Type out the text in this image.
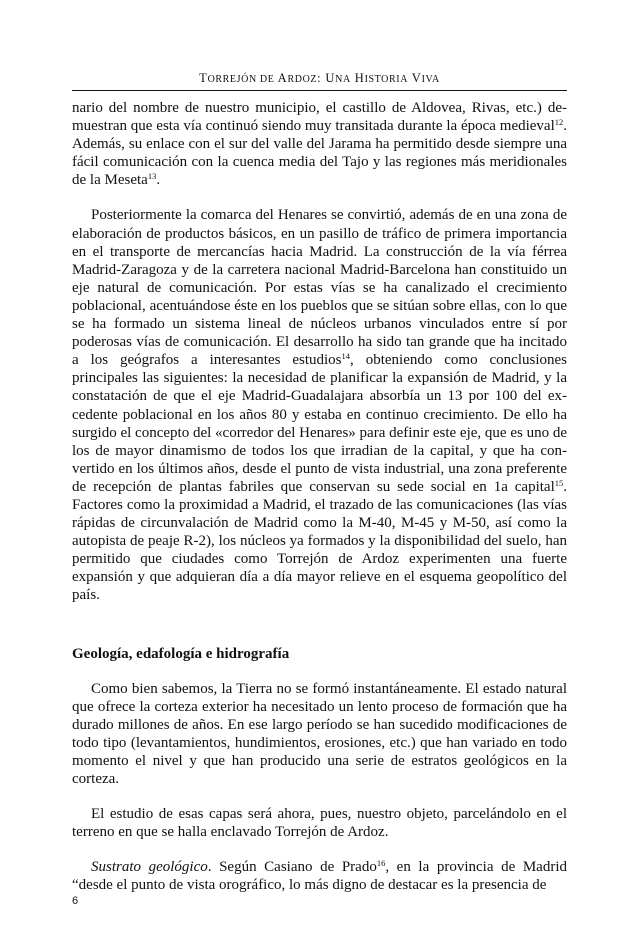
TORREJÓN DE ARDOZ: UNA HISTORIA VIVA

nario del nombre de nuestro municipio, el castillo de Aldovea, Rivas, etc.) demuestran que esta vía continuó siendo muy transitada durante la época medieval$^{12}$. Además, su enlace con el sur del valle del Jarama ha permitido desde siempre una fácil comunicación con la cuenca media del Tajo y las regiones más meridionales de la Meseta$^{13}$.

Posteriormente la comarca del Henares se convirtió, además de en una zona de elaboración de productos básicos, en un pasillo de tráfico de primera importancia en el transporte de mercancías hacia Madrid. La construcción de la vía férrea Madrid-Zaragoza y de la carretera nacional Madrid-Barcelona han constituido un eje natural de comunicación. Por estas vías se ha canalizado el crecimiento poblacional, acentuándose éste en los pueblos que se sitúan sobre ellas, con lo que se ha formado un sistema lineal de núcleos urbanos vinculados entre sí por poderosas vías de comunicación. El desarrollo ha sido tan grande que ha incitado a los geógrafos a interesantes estudios$^{14}$, obteniendo como conclusiones principales las siguientes: la necesidad de planificar la expansión de Madrid, y la constatación de que el eje Madrid-Guadalajara absorbía un 13 por 100 del excedente poblacional en los años 80 y estaba en continuo crecimiento. De ello ha surgido el concepto del «corredor del Henares» para definir este eje, que es uno de los de mayor dinamismo de todos los que irradian de la capital, y que ha convertido en los últimos años, desde el punto de vista industrial, una zona preferente de recepción de plantas fabriles que conservan su sede social en 1a capital$^{15}$. Factores como la proximidad a Madrid, el trazado de las comunicaciones (las vías rápidas de circunvalación de Madrid como la M-40, M-45 y M-50, así como la autopista de peaje R-2), los núcleos ya formados y la disponibilidad del suelo, han permitido que ciudades como Torrejón de Ardoz experimenten una fuerte expansión y que adquieran día a día mayor relieve en el esquema geopolítico del país.

Geología, edafología e hidrografía

Como bien sabemos, la Tierra no se formó instantáneamente. El estado natural que ofrece la corteza exterior ha necesitado un lento proceso de formación que ha durado millones de años. En ese largo período se han sucedido modificaciones de todo tipo (levantamientos, hundimientos, erosiones, etc.) que han variado en todo momento el nivel y que han producido una serie de estratos geológicos en la corteza.

El estudio de esas capas será ahora, pues, nuestro objeto, parcelándolo en el terreno en que se halla enclavado Torrejón de Ardoz.

Sustrato geológico. Según Casiano de Prado$^{16}$, en la provincia de Madrid “desde el punto de vista orográfico, lo más digno de destacar es la presencia de

6
